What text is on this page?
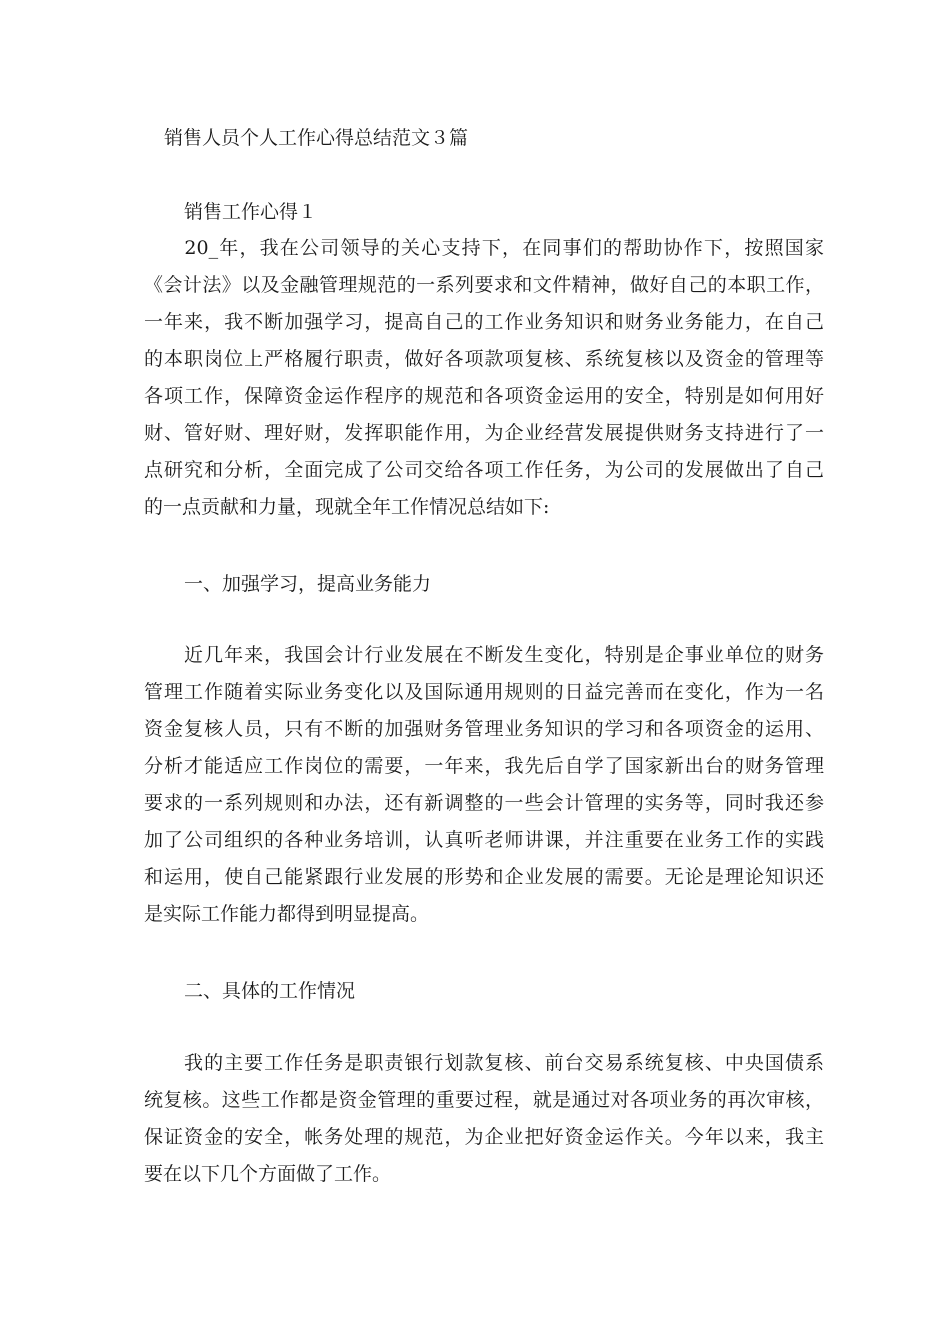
销售人员个人工作心得总结范文３篇
销售工作心得１
　　20_年，我在公司领导的关心支持下，在同事们的帮助协作下，按照国家
《会计法》以及金融管理规范的一系列要求和文件精神，做好自己的本职工作，
一年来，我不断加强学习，提高自己的工作业务知识和财务业务能力，在自己
的本职岗位上严格履行职责，做好各项款项复核、系统复核以及资金的管理等
各项工作，保障资金运作程序的规范和各项资金运用的安全，特别是如何用好
财、管好财、理好财，发挥职能作用，为企业经营发展提供财务支持进行了一
点研究和分析，全面完成了公司交给各项工作任务，为公司的发展做出了自己
的一点贡献和力量，现就全年工作情况总结如下:
一、加强学习，提高业务能力
　　近几年来，我国会计行业发展在不断发生变化，特别是企事业单位的财务
管理工作随着实际业务变化以及国际通用规则的日益完善而在变化，作为一名
资金复核人员，只有不断的加强财务管理业务知识的学习和各项资金的运用、
分析才能适应工作岗位的需要，一年来，我先后自学了国家新出台的财务管理
要求的一系列规则和办法，还有新调整的一些会计管理的实务等，同时我还参
加了公司组织的各种业务培训，认真听老师讲课，并注重要在业务工作的实践
和运用，使自己能紧跟行业发展的形势和企业发展的需要。无论是理论知识还
是实际工作能力都得到明显提高。
二、具体的工作情况
　　我的主要工作任务是职责银行划款复核、前台交易系统复核、中央国债系
统复核。这些工作都是资金管理的重要过程，就是通过对各项业务的再次审核，
保证资金的安全，帐务处理的规范，为企业把好资金运作关。今年以来，我主
要在以下几个方面做了工作。
